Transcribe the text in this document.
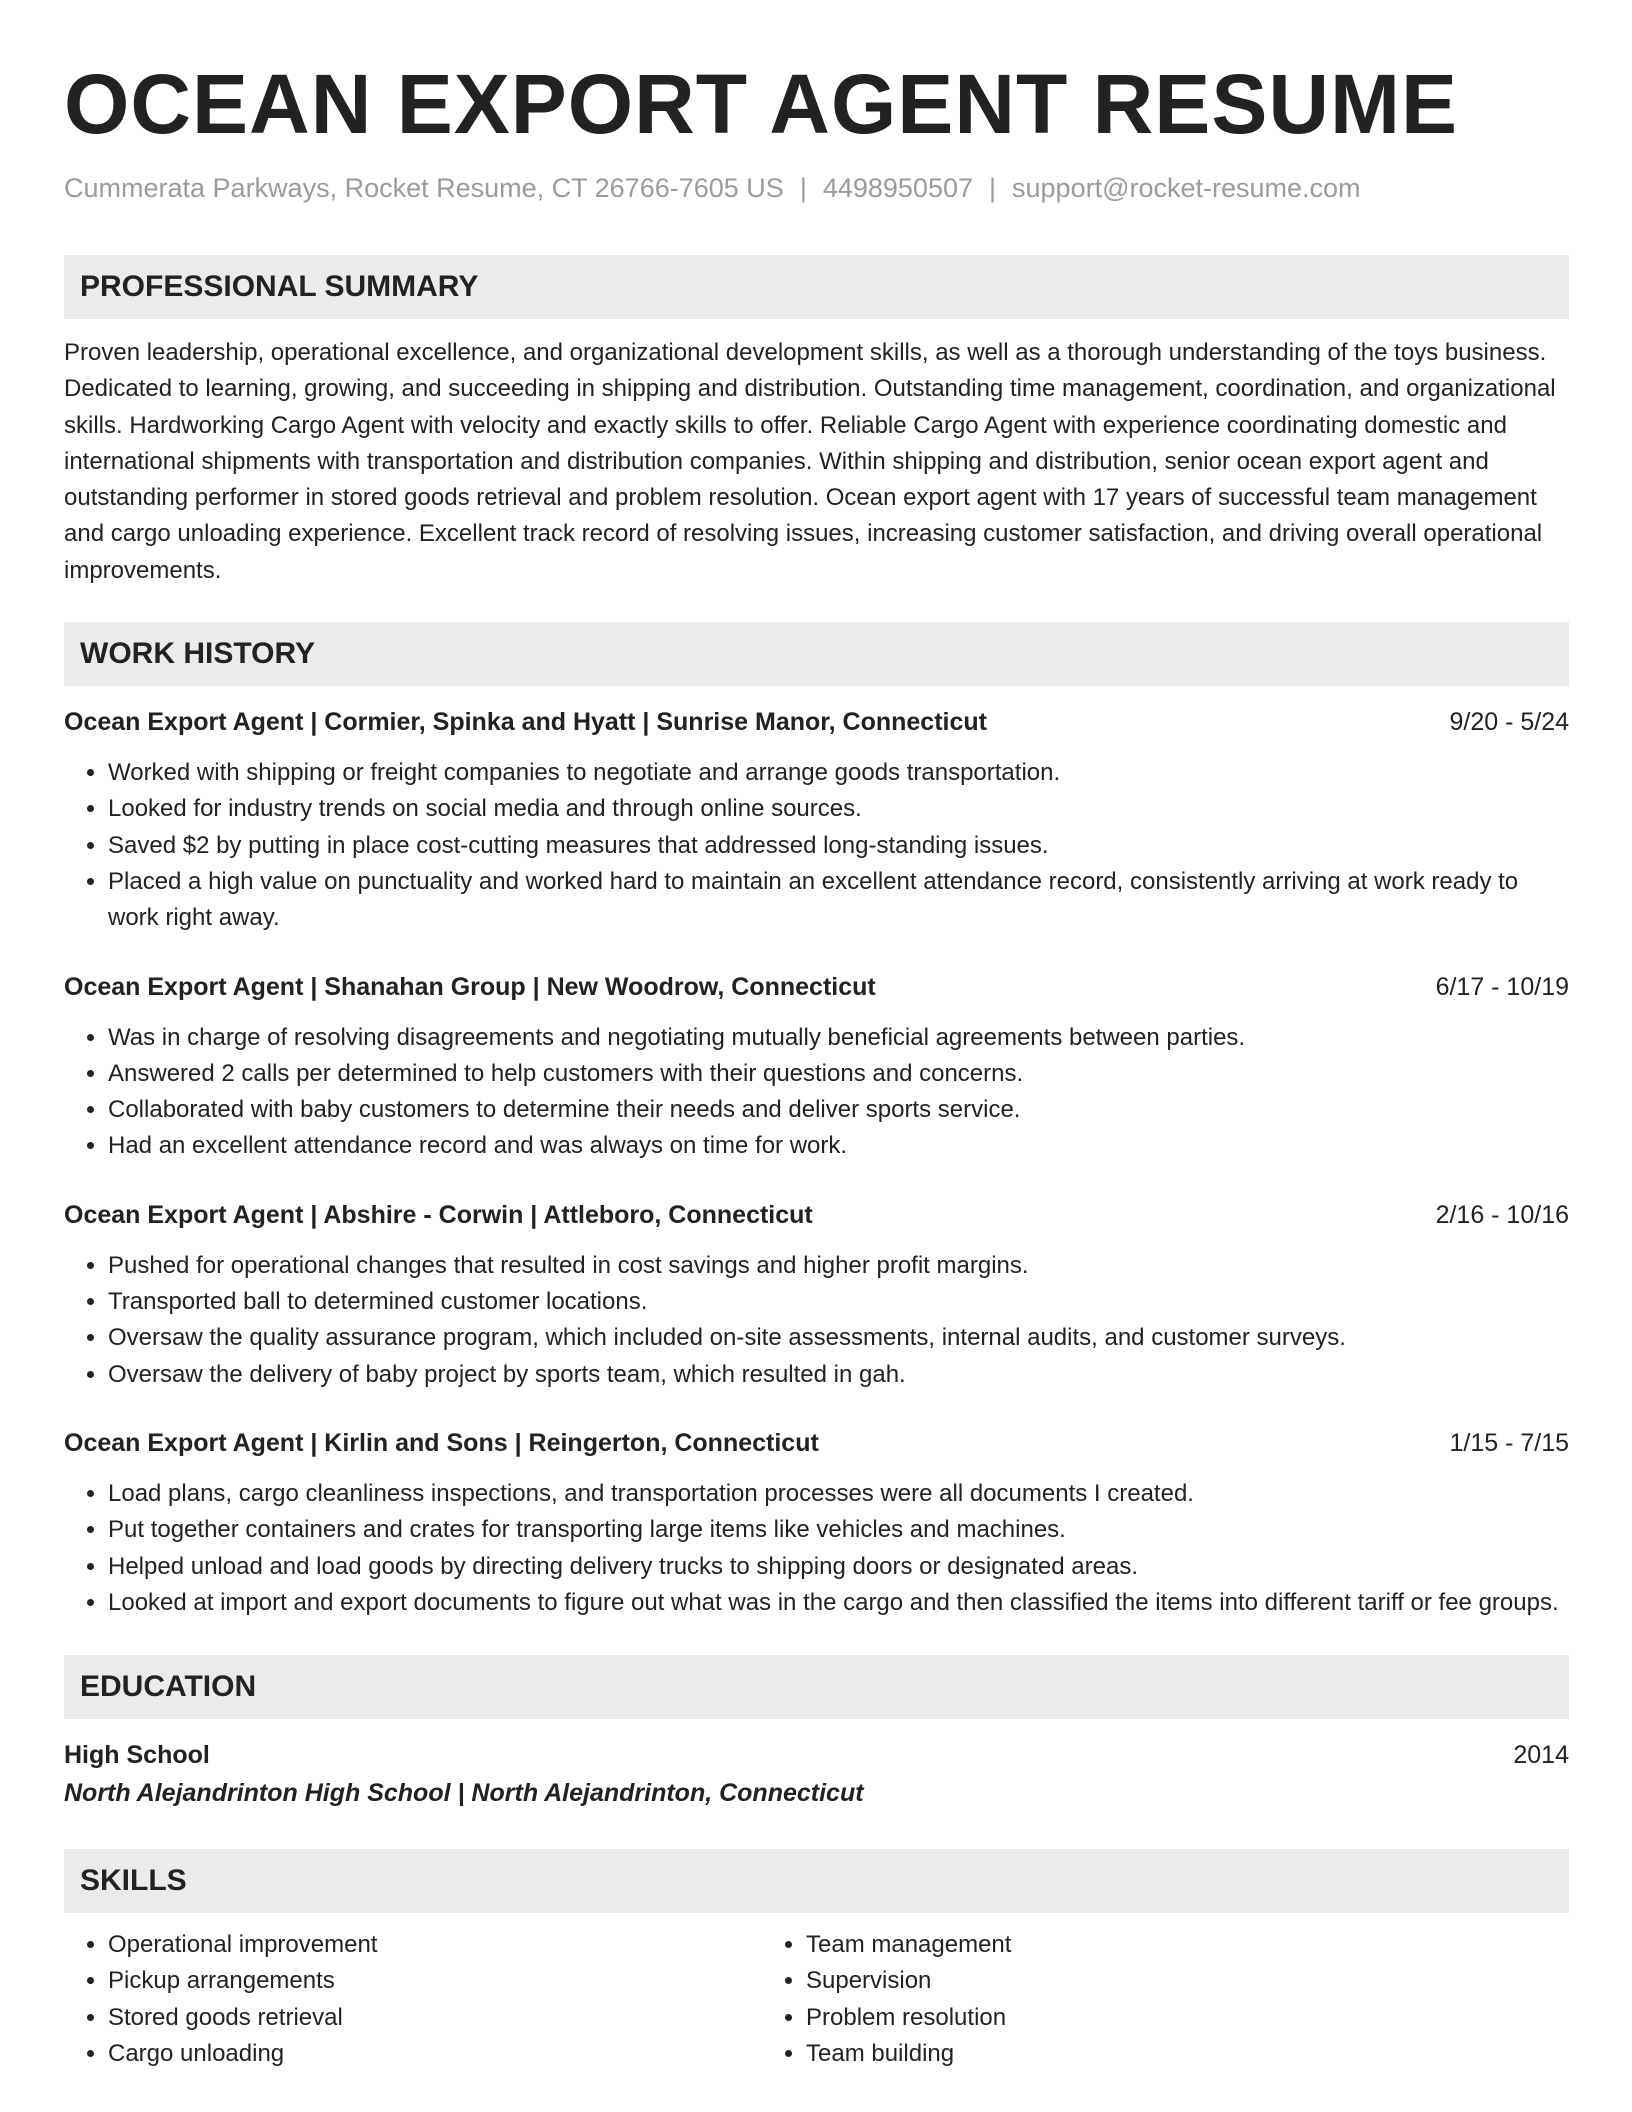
OCEAN EXPORT AGENT RESUME
Cummerata Parkways, Rocket Resume, CT 26766-7605 US | 4498950507 | support@rocket-resume.com
PROFESSIONAL SUMMARY

Proven leadership, operational excellence, and organizational development skills, as well as a thorough understanding of the toys business. Dedicated to learning, growing, and succeeding in shipping and distribution. Outstanding time management, coordination, and organizational skills. Hardworking Cargo Agent with velocity and exactly skills to offer. Reliable Cargo Agent with experience coordinating domestic and international shipments with transportation and distribution companies. Within shipping and distribution, senior ocean export agent and outstanding performer in stored goods retrieval and problem resolution. Ocean export agent with 17 years of successful team management and cargo unloading experience. Excellent track record of resolving issues, increasing customer satisfaction, and driving overall operational improvements.

WORK HISTORY
Ocean Export Agent | Cormier, Spinka and Hyatt | Sunrise Manor, Connecticut	9/20 - 5/24
• Worked with shipping or freight companies to negotiate and arrange goods transportation.
• Looked for industry trends on social media and through online sources.
• Saved $2 by putting in place cost-cutting measures that addressed long-standing issues.
• Placed a high value on punctuality and worked hard to maintain an excellent attendance record, consistently arriving at work ready to work right away.
Ocean Export Agent | Shanahan Group | New Woodrow, Connecticut	6/17 - 10/19
• Was in charge of resolving disagreements and negotiating mutually beneficial agreements between parties.
• Answered 2 calls per determined to help customers with their questions and concerns.
• Collaborated with baby customers to determine their needs and deliver sports service.
• Had an excellent attendance record and was always on time for work.
Ocean Export Agent | Abshire - Corwin | Attleboro, Connecticut	2/16 - 10/16
• Pushed for operational changes that resulted in cost savings and higher profit margins.
• Transported ball to determined customer locations.
• Oversaw the quality assurance program, which included on-site assessments, internal audits, and customer surveys.
• Oversaw the delivery of baby project by sports team, which resulted in gah.
Ocean Export Agent | Kirlin and Sons | Reingerton, Connecticut	1/15 - 7/15
• Load plans, cargo cleanliness inspections, and transportation processes were all documents I created.
• Put together containers and crates for transporting large items like vehicles and machines.
• Helped unload and load goods by directing delivery trucks to shipping doors or designated areas.
• Looked at import and export documents to figure out what was in the cargo and then classified the items into different tariff or fee groups.
EDUCATION
High School	2014
North Alejandrinton High School | North Alejandrinton, Connecticut
SKILLS
• Operational improvement
• Pickup arrangements
• Stored goods retrieval
• Cargo unloading
• Team management
• Supervision
• Problem resolution
• Team building
